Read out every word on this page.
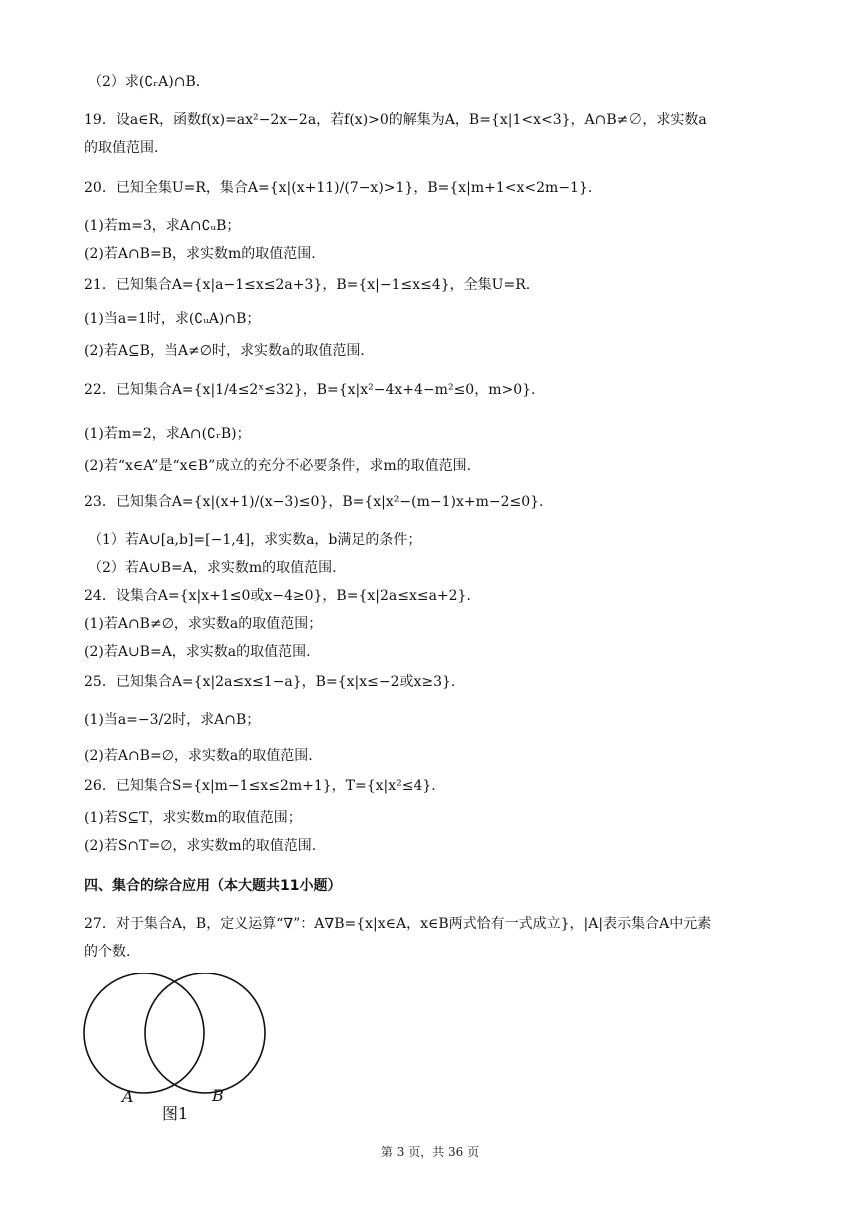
（2）求(∁ᵣA)∩B．
19．设a∈R，函数f(x)=ax²−2x−2a，若f(x)>0的解集为A，B={x|1<x<3}，A∩B≠∅，求实数a
的取值范围.
20．已知全集U=R，集合A={x|(x+11)/(7−x)>1}，B={x|m+1<x<2m−1}.
(1)若m=3，求A∩∁ᵤB；
(2)若A∩B=B，求实数m的取值范围.
21．已知集合A={x|a−1≤x≤2a+3}，B={x|−1≤x≤4}，全集U=R.
(1)当a=1时，求(∁ᵤA)∩B；
(2)若A⊆B，当A≠∅时，求实数a的取值范围.
22．已知集合A={x|1/4≤2ˣ≤32}，B={x|x²−4x+4−m²≤0，m>0}.
(1)若m=2，求A∩(∁ᵣB)；
(2)若“x∈A”是“x∈B”成立的充分不必要条件，求m的取值范围.
23．已知集合A={x|(x+1)/(x−3)≤0}，B={x|x²−(m−1)x+m−2≤0}.
（1）若A∪[a,b]=[−1,4]，求实数a，b满足的条件；
（2）若A∪B=A，求实数m的取值范围.
24．设集合A={x|x+1≤0或x−4≥0}，B={x|2a≤x≤a+2}.
(1)若A∩B≠∅，求实数a的取值范围；
(2)若A∪B=A，求实数a的取值范围.
25．已知集合A={x|2a≤x≤1−a}，B={x|x≤−2或x≥3}.
(1)当a=−3/2时，求A∩B；
(2)若A∩B=∅，求实数a的取值范围.
26．已知集合S={x|m−1≤x≤2m+1}，T={x|x²≤4}.
(1)若S⊆T，求实数m的取值范围；
(2)若S∩T=∅，求实数m的取值范围.
四、集合的综合应用（本大题共11小题）
27．对于集合A，B，定义运算“∇”：A∇B={x|x∈A，x∈B两式恰有一式成立}，|A|表示集合A中元素
的个数.
A	B
图1
第 3 页，共 36 页
